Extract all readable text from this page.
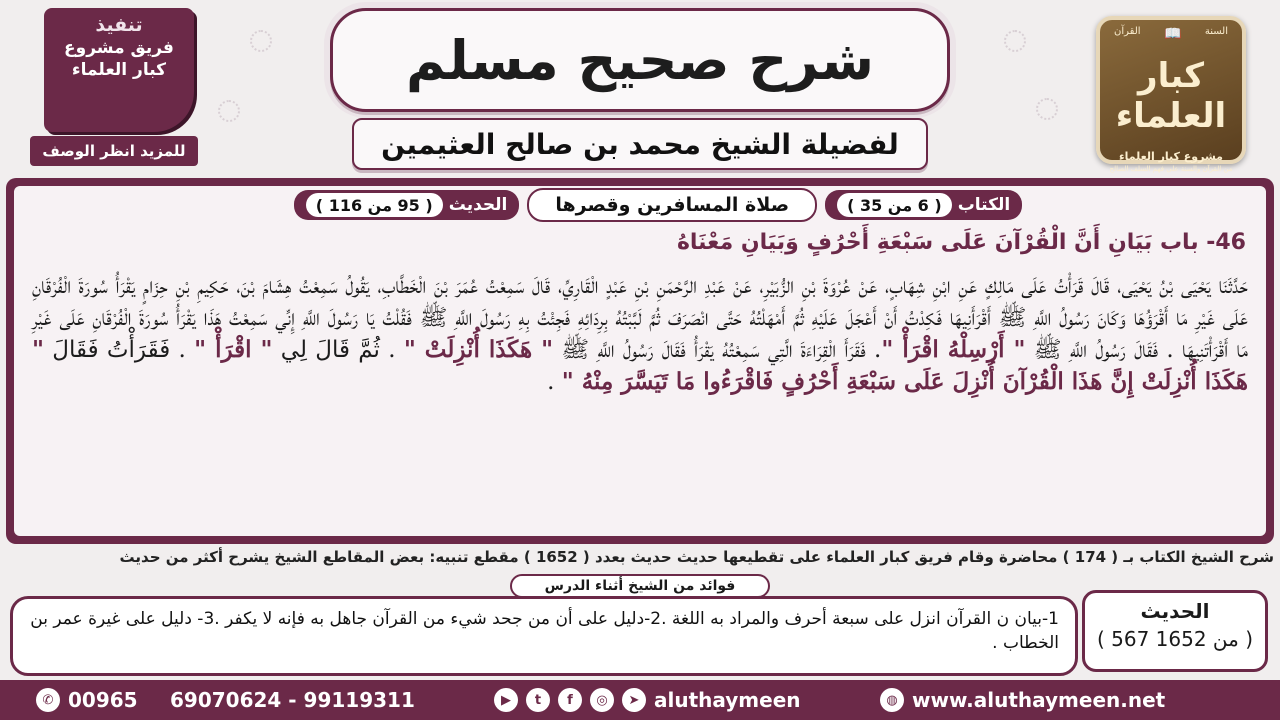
تنفيذ
فريق مشروع
كبار العلماء
للمزيد انظر الوصف
شرح صحيح مسلم
لفضيلة الشيخ محمد بن صالح العثيمين
القرآن 📖 السنة
كبار العلماء
مشروع كبار العلماء
من القرآن والسنة على فهم السلف الصالح
الكتاب
( 6 من 35 )
صلاة المسافرين وقصرها
الحديث
( 95 من 116 )
46- باب بَيَانِ أَنَّ الْقُرْآنَ عَلَى سَبْعَةِ أَحْرُفٍ وَبَيَانِ مَعْنَاهُ
حَدَّثَنَا يَحْيَى بْنُ يَحْيَى، قَالَ قَرَأْتُ عَلَى مَالِكٍ عَنِ ابْنِ شِهَابٍ، عَنْ عُرْوَةَ بْنِ الزُّبَيْرِ، عَنْ عَبْدِ الرَّحْمَنِ بْنِ عَبْدٍ الْقَارِيِّ، قَالَ سَمِعْتُ عُمَرَ بْنَ الْخَطَّابِ، يَقُولُ سَمِعْتُ هِشَامَ بْنَ، حَكِيمِ بْنِ حِزَامٍ يَقْرَأُ سُورَةَ الْفُرْقَانِ عَلَى غَيْرِ مَا أَقْرَؤُهَا وَكَانَ رَسُولُ اللَّهِ ﷺ أَقْرَأَنِيهَا فَكِدْتُ أَنْ أَعْجَلَ عَلَيْهِ ثُمَّ أَمْهَلْتُهُ حَتَّى انْصَرَفَ ثُمَّ لَبَّبْتُهُ بِرِدَائِهِ فَجِئْتُ بِهِ رَسُولَ اللَّهِ ﷺ فَقُلْتُ يَا رَسُولَ اللَّهِ إِنِّي سَمِعْتُ هَذَا يَقْرَأُ سُورَةَ الْفُرْقَانِ عَلَى غَيْرِ مَا أَقْرَأْتَنِيهَا . فَقَالَ رَسُولُ اللَّهِ ﷺ " أَرْسِلْهُ اقْرَأْ ". فَقَرَأَ الْقِرَاءَةَ الَّتِي سَمِعْتُهُ يَقْرَأُ فَقَالَ رَسُولُ اللَّهِ ﷺ " هَكَذَا أُنْزِلَتْ " . ثُمَّ قَالَ لِي " اقْرَأْ " . فَقَرَأْتُ فَقَالَ " هَكَذَا أُنْزِلَتْ إِنَّ هَذَا الْقُرْآنَ أُنْزِلَ عَلَى سَبْعَةِ أَحْرُفٍ فَاقْرَءُوا مَا تَيَسَّرَ مِنْهُ " .
شرح الشيخ الكتاب بـ ( 174 ) محاضرة وقام فريق كبار العلماء على تقطيعها حديث حديث بعدد ( 1652 ) مقطع تنبيه: بعض المقاطع الشيخ يشرح أكثر من حديث
1-بيان ن القرآن انزل على سبعة أحرف والمراد به اللغة .2-دليل على أن من جحد شيء من القرآن جاهل به فإنه لا يكفر .3- دليل على غيرة عمر بن الخطاب .
فوائد من الشيخ أثناء الدرس
الحديث
( 567 من 1652 )
✆ 00965 69070624 - 99119311	▶	t	f	◎	➤ aluthaymeen	◍ www.aluthaymeen.net
